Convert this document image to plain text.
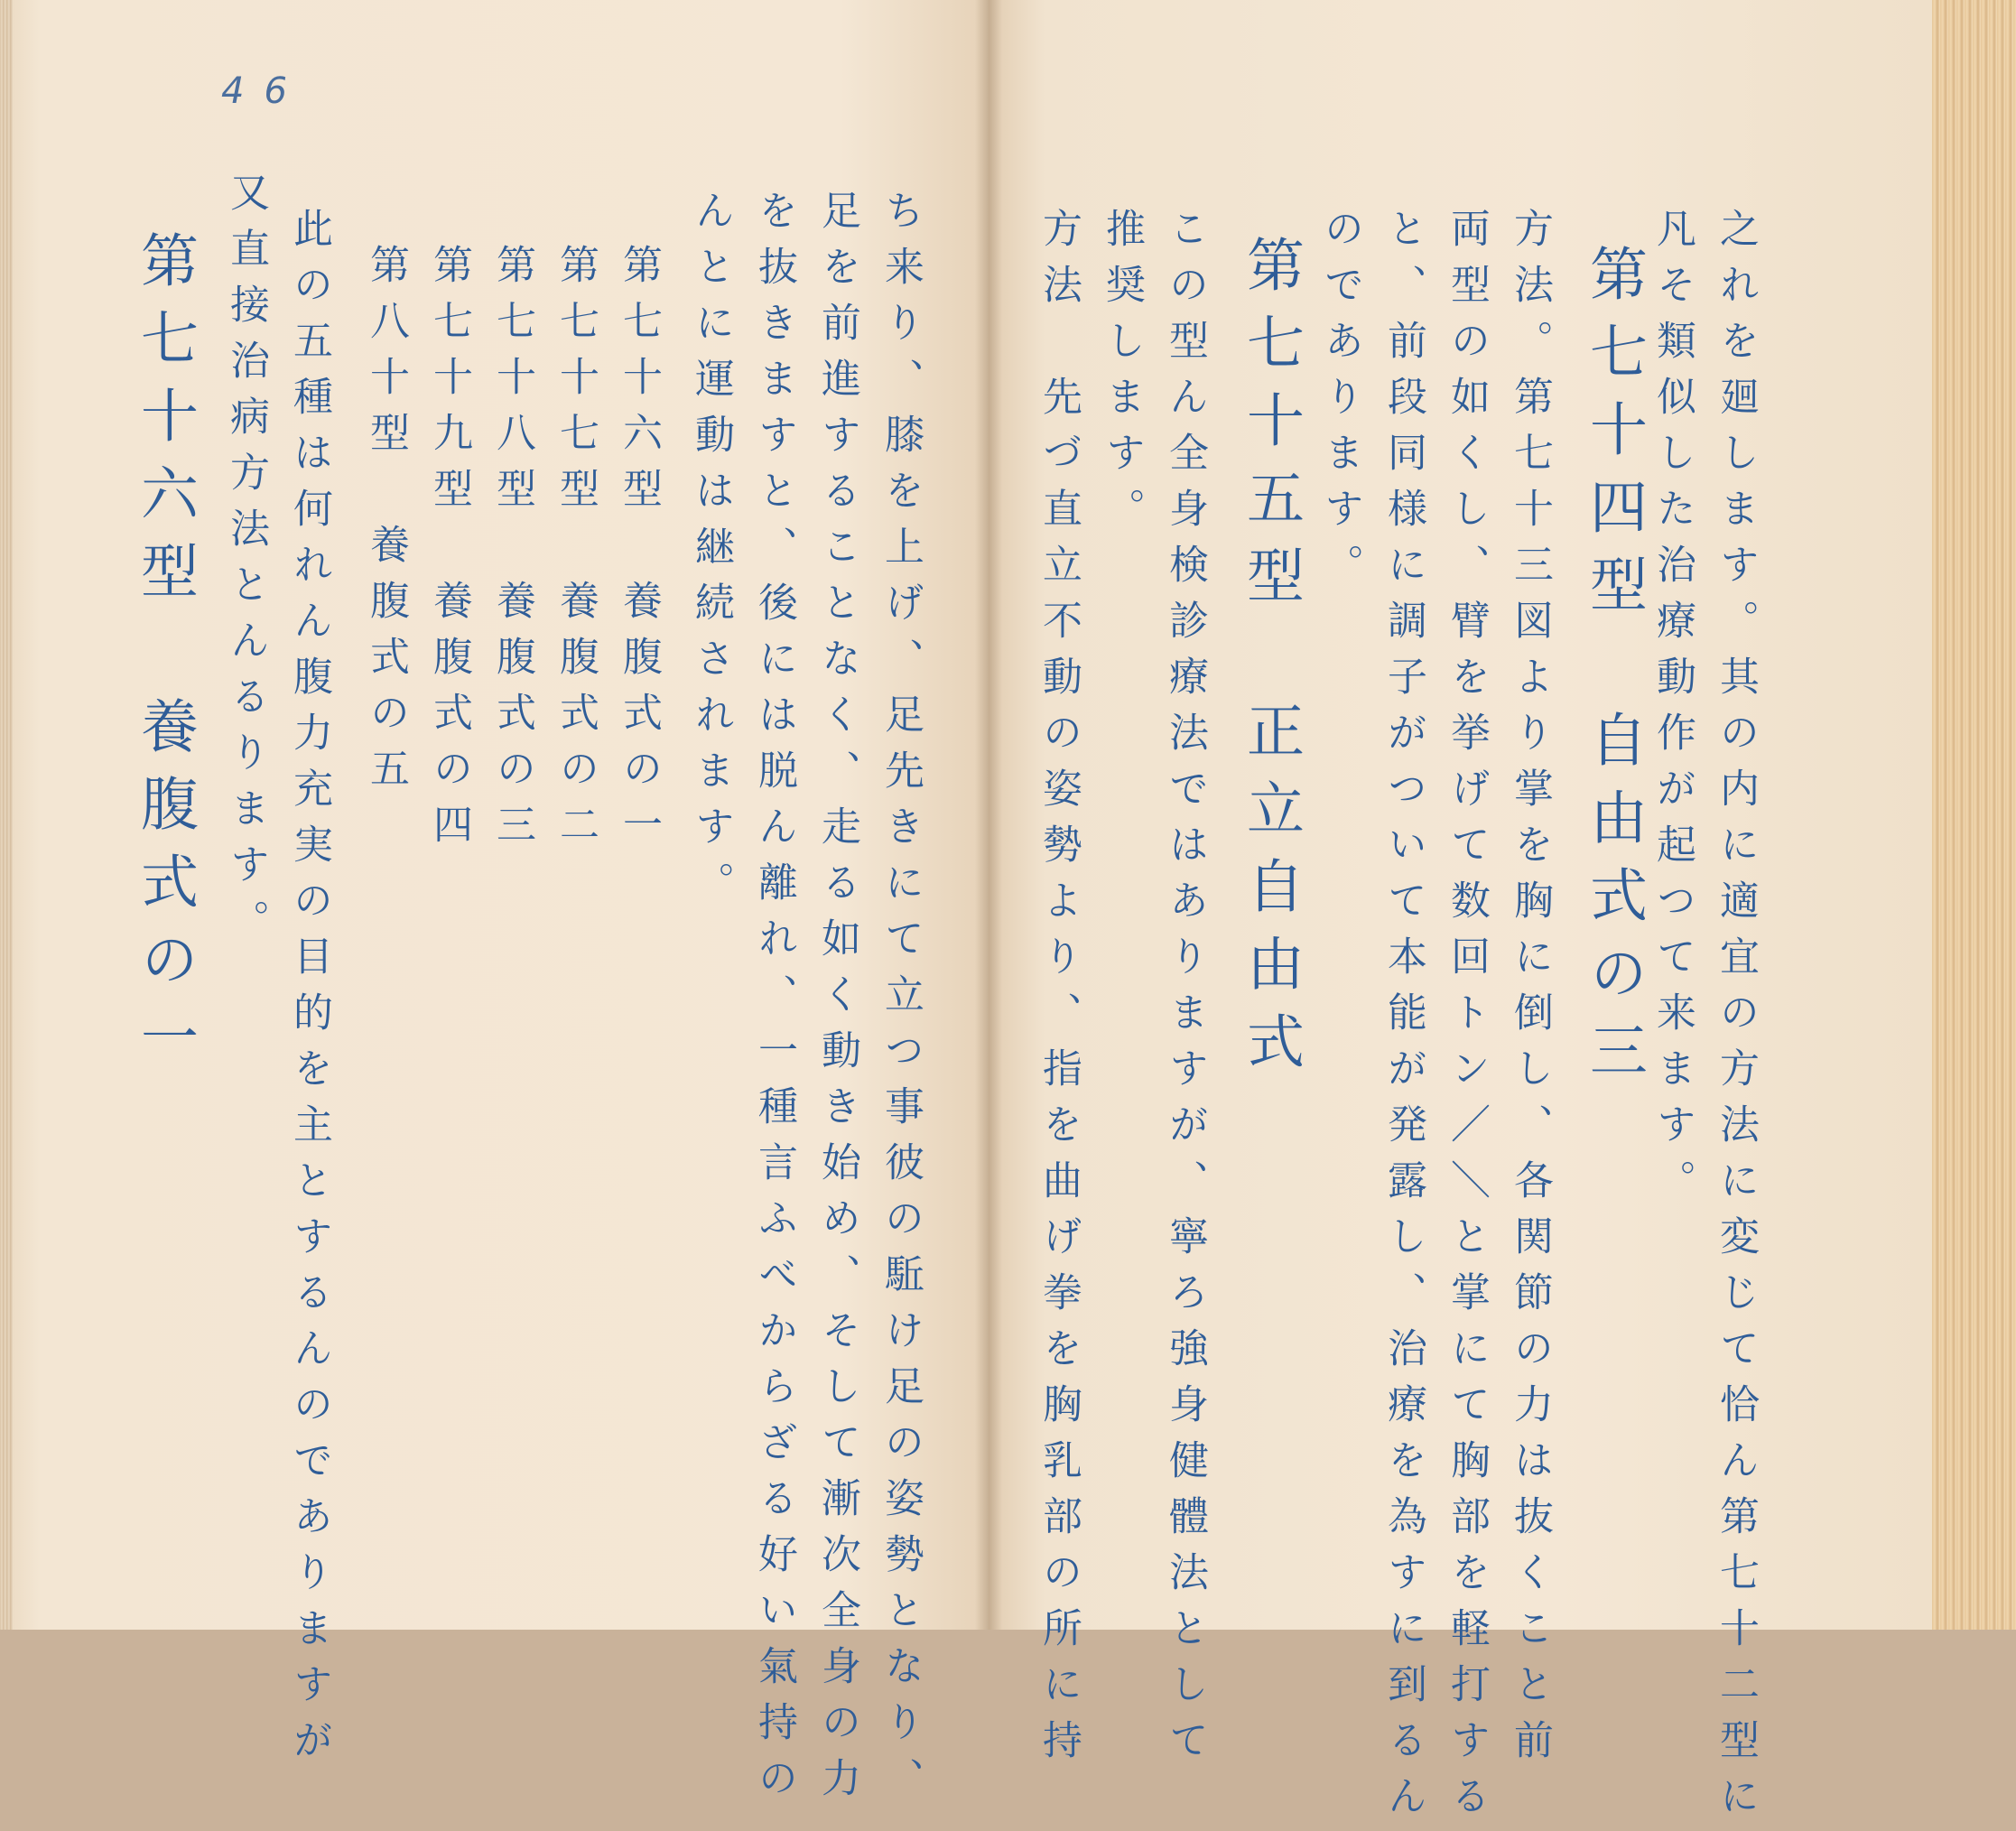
46
之れを廻します。其の内に適宜の方法に変じて恰ん第七十二型に
凡そ類似した治療動作が起つて来ます。
第七十四型　自由式の三
方法。第七十三図より掌を胸に倒し、各関節の力は抜くこと前
両型の如くし、臂を挙げて数回トン／＼と掌にて胸部を軽打する
と、前段同様に調子がついて本能が発露し、治療を為すに到るん
のであります。
第七十五型　正立自由式
この型ん全身検診療法ではありますが、寧ろ強身健體法として
推奨します。
方法　先づ直立不動の姿勢より、指を曲げ拳を胸乳部の所に持
ち来り、膝を上げ、足先きにて立つ事彼の駈け足の姿勢となり、
足を前進することなく、走る如く動き始め、そして漸次全身の力
を抜きますと、後には脱ん離れ、一種言ふべからざる好い氣持の
んとに運動は継続されます。
第七十六型　養腹式の一
第七十七型　養腹式の二
第七十八型　養腹式の三
第七十九型　養腹式の四
第八十型　養腹式の五
此の五種は何れん腹力充実の目的を主とするんのでありますが
又直接治病方法とんるります。
第七十六型　養腹式の一
